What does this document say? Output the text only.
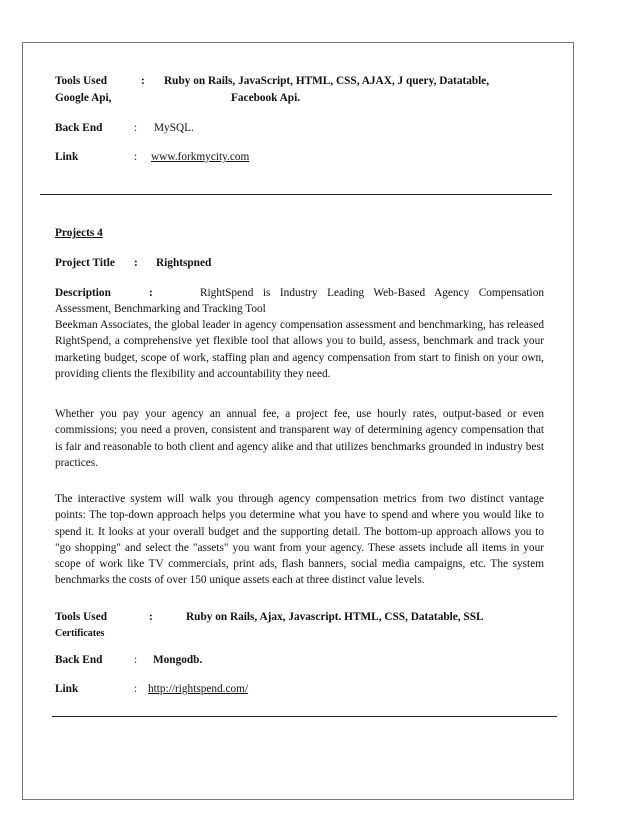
Tools Used	: Ruby on Rails, JavaScript, HTML, CSS, AJAX, J query, Datatable,
Google Api,	Facebook Api.
Back End	: MySQL.
Link	: www.forkmycity.com
Projects 4
Project Title : Rightspned
Description	:	RightSpend is Industry Leading Web-Based Agency Compensation
Assessment, Benchmarking and Tracking Tool

Beekman Associates, the global leader in agency compensation assessment and benchmarking, has released RightSpend, a comprehensive yet flexible tool that allows you to build, assess, benchmark and track your marketing budget, scope of work, staffing plan and agency compensation from start to finish on your own, providing clients the flexibility and accountability they need.

Whether you pay your agency an annual fee, a project fee, use hourly rates, output-based or even commissions; you need a proven, consistent and transparent way of determining agency compensation that is fair and reasonable to both client and agency alike and that utilizes benchmarks grounded in industry best practices.

The interactive system will walk you through agency compensation metrics from two distinct vantage points: The top-down approach helps you determine what you have to spend and where you would like to spend it. It looks at your overall budget and the supporting detail. The bottom-up approach allows you to "go shopping" and select the "assets" you want from your agency. These assets include all items in your scope of work like TV commercials, print ads, flash banners, social media campaigns, etc. The system benchmarks the costs of over 150 unique assets each at three distinct value levels.

Tools Used	:	Ruby on Rails, Ajax, Javascript. HTML, CSS, Datatable, SSL
Certificates
Back End	: Mongodb.
Link	: http://rightspend.com/
